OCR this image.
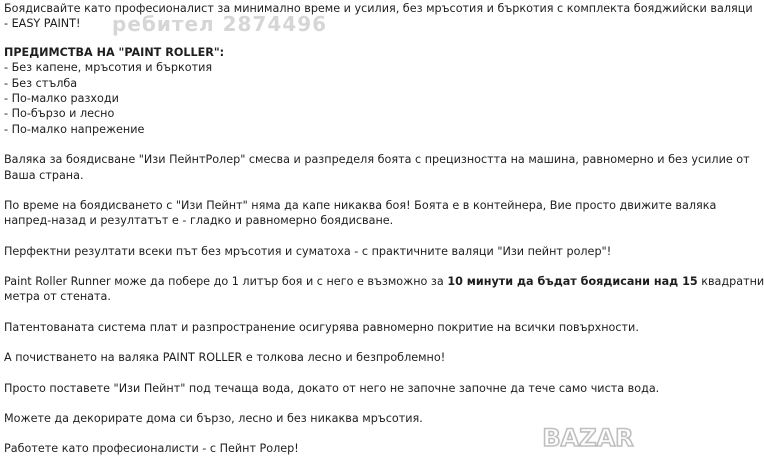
Боядисвайте като професионалист за минимално време и усилия, без мръсотия и бъркотия с комплекта бояджийски валяци
- EASY PAINT!
ПРЕДИМСТВА НА "PAINT ROLLER":
- Без капене, мръсотия и бъркотия
- Без стълба
- По-малко разходи
- По-бързо и лесно
- По-малко напрежение
Валяка за боядисване "Изи ПейнтРолер" смесва и разпределя боята с прецизността на машина, равномерно и без усилие от
Ваша страна.
По време на боядисването с "Изи Пейнт" няма да капе никаква боя! Боята е в контейнера, Вие просто движите валяка
напред-назад и резултатът е - гладко и равномерно боядисване.
Перфектни резултати всеки път без мръсотия и суматоха - с практичните валяци "Изи пейнт ролер"!
Paint Roller Runner може да побере до 1 литър боя и с него е възможно за 10 минути да бъдат боядисани над 15 квадратни
метра от стената.
Патентованата система плат и разпространение осигурява равномерно покритие на всички повърхности.
А почистването на валяка PAINT ROLLER е толкова лесно и безпроблемно!
Просто поставете "Изи Пейнт" под течаща вода, докато от него не започне започне да тече само чиста вода.
Можете да декорирате дома си бързо, лесно и без никаква мръсотия.
Работете като професионалисти - с Пейнт Ролер!
ребител 2874496
BAZAR
